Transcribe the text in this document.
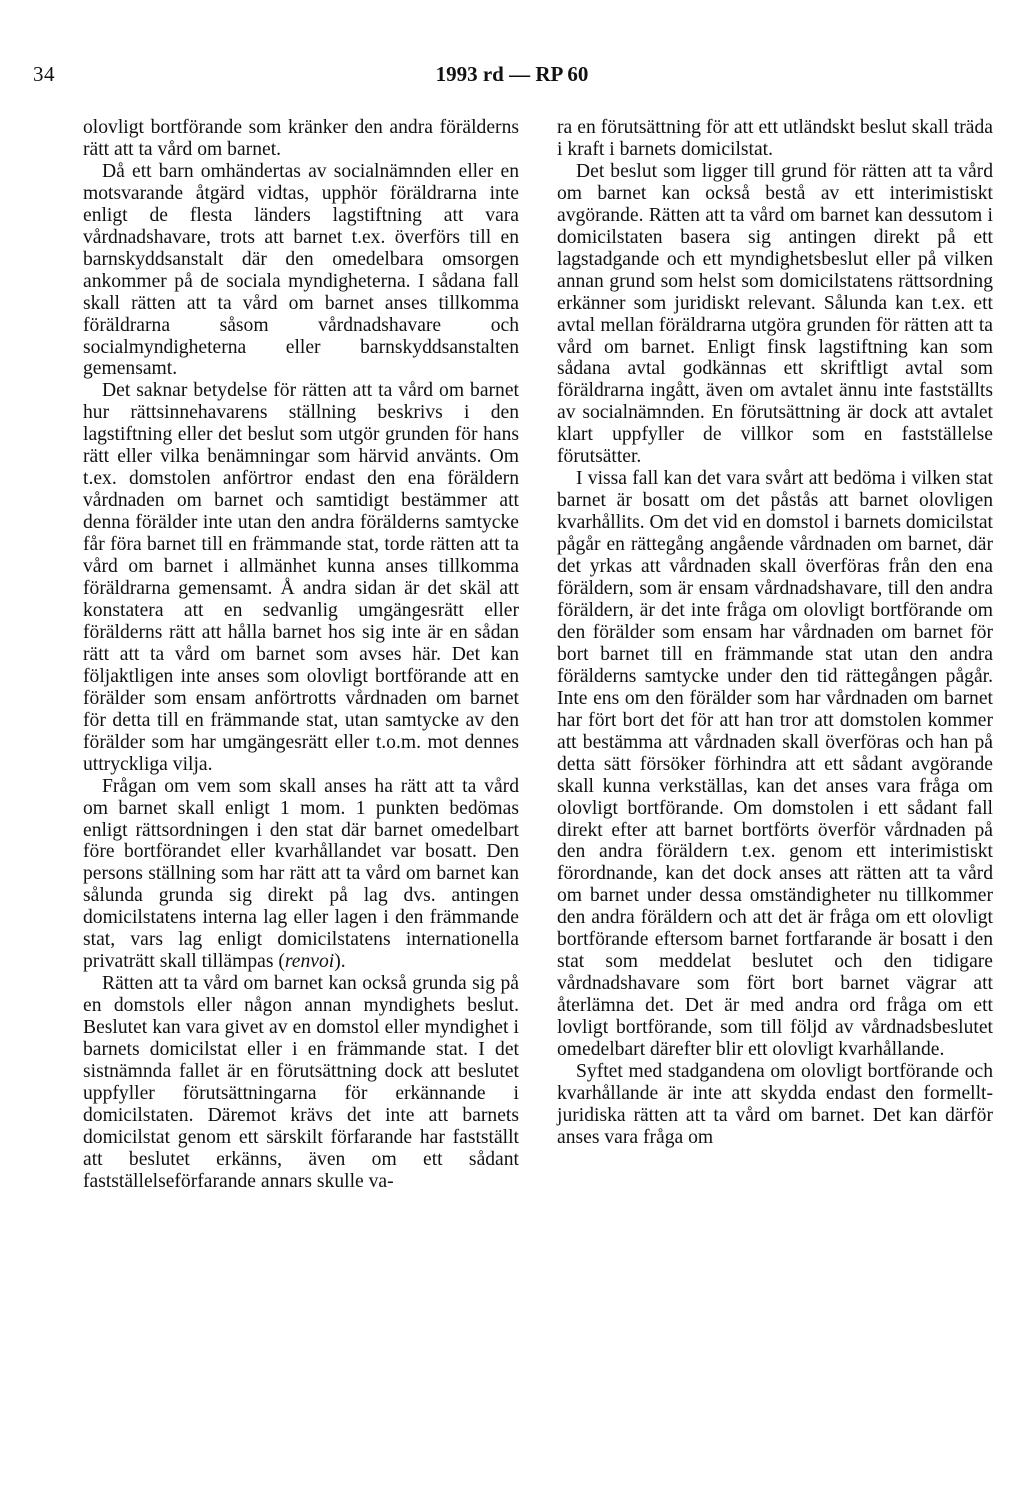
34	1993 rd — RP 60

olovligt bortförande som kränker den andra förälderns rätt att ta vård om barnet.

Då ett barn omhändertas av socialnämnden eller en motsvarande åtgärd vidtas, upphör föräldrarna inte enligt de flesta länders lagstiftning att vara vårdnadshavare, trots att barnet t.ex. överförs till en barnskyddsanstalt där den omedelbara omsorgen ankommer på de sociala myndigheterna. I sådana fall skall rätten att ta vård om barnet anses tillkomma föräldrarna såsom vårdnadshavare och socialmyndigheterna eller barnskyddsanstalten gemensamt.

Det saknar betydelse för rätten att ta vård om barnet hur rättsinnehavarens ställning beskrivs i den lagstiftning eller det beslut som utgör grunden för hans rätt eller vilka benämningar som härvid använts. Om t.ex. domstolen anförtror endast den ena föräldern vårdnaden om barnet och samtidigt bestämmer att denna förälder inte utan den andra förälderns samtycke får föra barnet till en främmande stat, torde rätten att ta vård om barnet i allmänhet kunna anses tillkomma föräldrarna gemensamt. Å andra sidan är det skäl att konstatera att en sedvanlig umgängesrätt eller förälderns rätt att hålla barnet hos sig inte är en sådan rätt att ta vård om barnet som avses här. Det kan följaktligen inte anses som olovligt bortförande att en förälder som ensam anförtrotts vårdnaden om barnet för detta till en främmande stat, utan samtycke av den förälder som har umgängesrätt eller t.o.m. mot dennes uttryckliga vilja.

Frågan om vem som skall anses ha rätt att ta vård om barnet skall enligt 1 mom. 1 punkten bedömas enligt rättsordningen i den stat där barnet omedelbart före bortförandet eller kvarhållandet var bosatt. Den persons ställning som har rätt att ta vård om barnet kan sålunda grunda sig direkt på lag dvs. antingen domicilstatens interna lag eller lagen i den främmande stat, vars lag enligt domicilstatens internationella privaträtt skall tillämpas (renvoi).

Rätten att ta vård om barnet kan också grunda sig på en domstols eller någon annan myndighets beslut. Beslutet kan vara givet av en domstol eller myndighet i barnets domicilstat eller i en främmande stat. I det sistnämnda fallet är en förutsättning dock att beslutet uppfyller förutsättningarna för erkännande i domicilstaten. Däremot krävs det inte att barnets domicilstat genom ett särskilt förfarande har fastställt att beslutet erkänns, även om ett sådant fastställelseförfarande annars skulle va-

ra en förutsättning för att ett utländskt beslut skall träda i kraft i barnets domicilstat.

Det beslut som ligger till grund för rätten att ta vård om barnet kan också bestå av ett interimistiskt avgörande. Rätten att ta vård om barnet kan dessutom i domicilstaten basera sig antingen direkt på ett lagstadgande och ett myndighetsbeslut eller på vilken annan grund som helst som domicilstatens rättsordning erkänner som juridiskt relevant. Sålunda kan t.ex. ett avtal mellan föräldrarna utgöra grunden för rätten att ta vård om barnet. Enligt finsk lagstiftning kan som sådana avtal godkännas ett skriftligt avtal som föräldrarna ingått, även om avtalet ännu inte fastställts av socialnämnden. En förutsättning är dock att avtalet klart uppfyller de villkor som en fastställelse förutsätter.

I vissa fall kan det vara svårt att bedöma i vilken stat barnet är bosatt om det påstås att barnet olovligen kvarhållits. Om det vid en domstol i barnets domicilstat pågår en rättegång angående vårdnaden om barnet, där det yrkas att vårdnaden skall överföras från den ena föräldern, som är ensam vårdnadshavare, till den andra föräldern, är det inte fråga om olovligt bortförande om den förälder som ensam har vårdnaden om barnet för bort barnet till en främmande stat utan den andra förälderns samtycke under den tid rättegången pågår. Inte ens om den förälder som har vårdnaden om barnet har fört bort det för att han tror att domstolen kommer att bestämma att vårdnaden skall överföras och han på detta sätt försöker förhindra att ett sådant avgörande skall kunna verkställas, kan det anses vara fråga om olovligt bortförande. Om domstolen i ett sådant fall direkt efter att barnet bortförts överför vårdnaden på den andra föräldern t.ex. genom ett interimistiskt förordnande, kan det dock anses att rätten att ta vård om barnet under dessa omständigheter nu tillkommer den andra föräldern och att det är fråga om ett olovligt bortförande eftersom barnet fortfarande är bosatt i den stat som meddelat beslutet och den tidigare vårdnadshavare som fört bort barnet vägrar att återlämna det. Det är med andra ord fråga om ett lovligt bortförande, som till följd av vårdnadsbeslutet omedelbart därefter blir ett olovligt kvarhållande.

Syftet med stadgandena om olovligt bortförande och kvarhållande är inte att skydda endast den formellt-juridiska rätten att ta vård om barnet. Det kan därför anses vara fråga om
